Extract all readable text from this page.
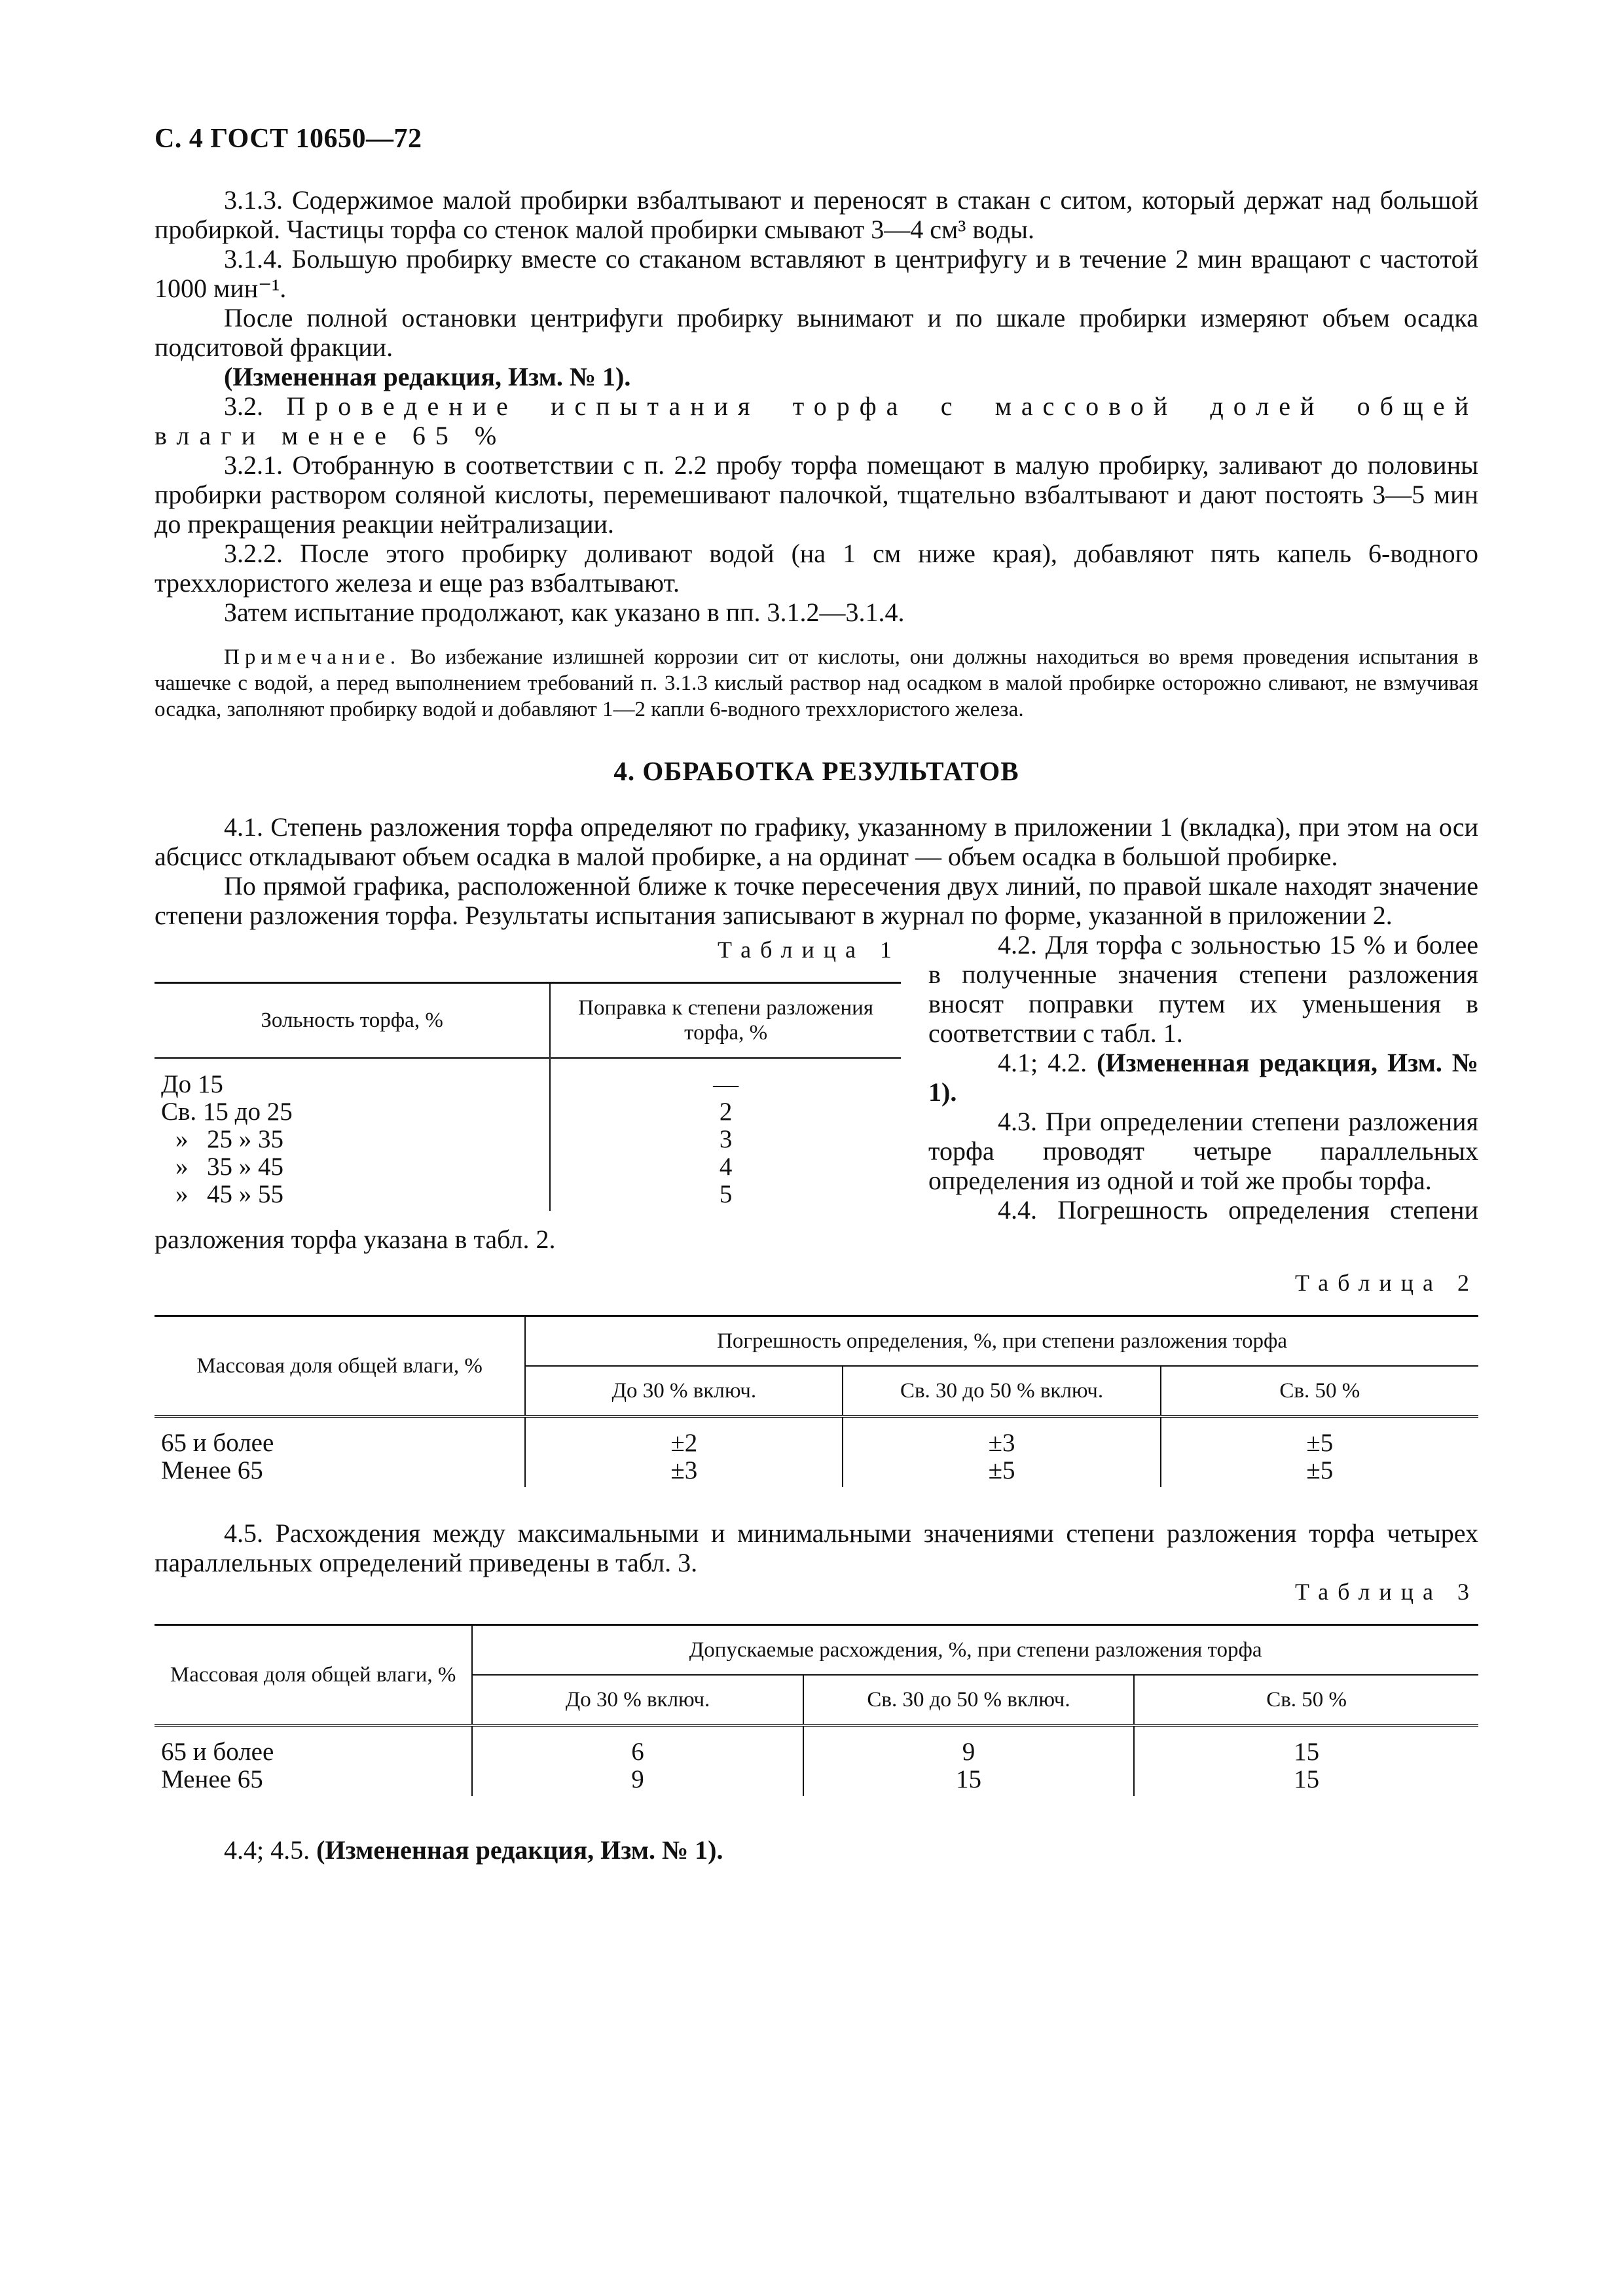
С. 4 ГОСТ 10650—72

3.1.3. Содержимое малой пробирки взбалтывают и переносят в стакан с ситом, который держат над большой пробиркой. Частицы торфа со стенок малой пробирки смывают 3—4 см³ воды.

3.1.4. Большую пробирку вместе со стаканом вставляют в центрифугу и в течение 2 мин вращают с частотой 1000 мин⁻¹.

После полной остановки центрифуги пробирку вынимают и по шкале пробирки измеряют объем осадка подситовой фракции.

(Измененная редакция, Изм. № 1).

3.2. Проведение испытания торфа с массовой долей общей влаги менее 65 %

3.2.1. Отобранную в соответствии с п. 2.2 пробу торфа помещают в малую пробирку, заливают до половины пробирки раствором соляной кислоты, перемешивают палочкой, тщательно взбалтывают и дают постоять 3—5 мин до прекращения реакции нейтрализации.

3.2.2. После этого пробирку доливают водой (на 1 см ниже края), добавляют пять капель 6-водного треххлористого железа и еще раз взбалтывают.

Затем испытание продолжают, как указано в пп. 3.1.2—3.1.4.

Примечание. Во избежание излишней коррозии сит от кислоты, они должны находиться во время проведения испытания в чашечке с водой, а перед выполнением требований п. 3.1.3 кислый раствор над осадком в малой пробирке осторожно сливают, не взмучивая осадка, заполняют пробирку водой и добавляют 1—2 капли 6-водного треххлористого железа.

4. ОБРАБОТКА РЕЗУЛЬТАТОВ

4.1. Степень разложения торфа определяют по графику, указанному в приложении 1 (вкладка), при этом на оси абсцисс откладывают объем осадка в малой пробирке, а на ординат — объем осадка в большой пробирке.

По прямой графика, расположенной ближе к точке пересечения двух линий, по правой шкале находят значение степени разложения торфа. Результаты испытания записывают в журнал по форме, указанной в приложении 2.

Таблица 1
Зольность торфа, %	Поправка к степени разложения торфа, %
До 15	—
Св. 15 до 25	2
» 25 » 35	3
» 35 » 45	4
» 45 » 55	5

4.2. Для торфа с зольностью 15 % и более в полученные значения степени разложения вносят поправки путем их уменьшения в соответствии с табл. 1.

4.1; 4.2. (Измененная редакция, Изм. № 1).

4.3. При определении степени разложения торфа проводят четыре параллельных определения из одной и той же пробы торфа.

4.4. Погрешность определения степени разложения торфа указана в табл. 2.

Таблица 2
Массовая доля общей влаги, %	Погрешность определения, %, при степени разложения торфа		
	До 30 % включ.	Св. 30 до 50 % включ.	Св. 50 %
65 и более	±2	±3	±5
Менее 65	±3	±5	±5

4.5. Расхождения между максимальными и минимальными значениями степени разложения торфа четырех параллельных определений приведены в табл. 3.

Таблица 3
Массовая доля общей влаги, %	Допускаемые расхождения, %, при степени разложения торфа		
	До 30 % включ.	Св. 30 до 50 % включ.	Св. 50 %
65 и более	6	9	15
Менее 65	9	15	15

4.4; 4.5. (Измененная редакция, Изм. № 1).
